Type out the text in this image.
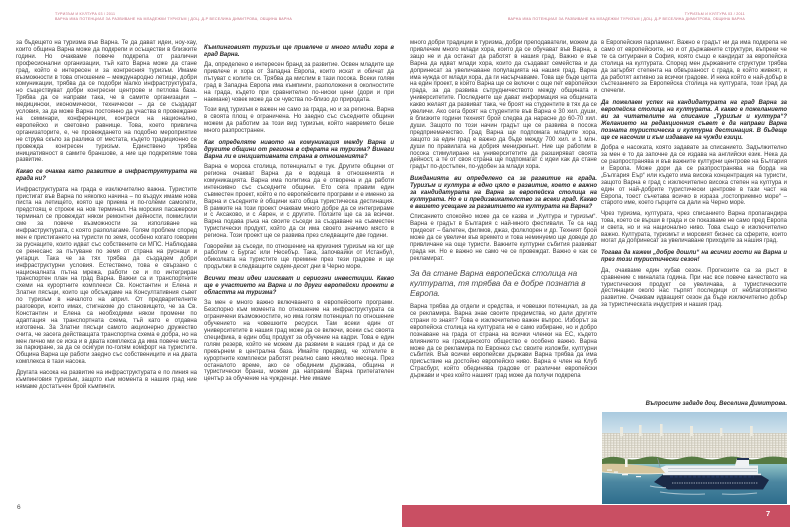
ТУРИЗЪМ И КУЛТУРА 03 / 2011
ВАРНА ИМА ПОТЕНЦИАЛ ЗА РАЗВИВАНЕ НА МЛАДЕЖКИ ТУРИЗЪМ | ДОЦ. Д-Р ВЕСЕЛИНА ДИМИТРОВА, ОБЩИНА ВАРНА
ТУРИЗЪМ И КУЛТУРА 03 / 2011
ВАРНА ИМА ПОТЕНЦИАЛ ЗА РАЗВИВАНЕ НА МЛАДЕЖКИ ТУРИЗЪМ | ДОЦ. Д-Р ВЕСЕЛИНА ДИМИТРОВА, ОБЩИНА ВАРНА
за бъдещето на туризма във Варна. Те да дават идеи, ноу-хау, които община Варна може да подкрепи и осъществи в близките години. Но очакваме повече подкрепа от различни професионални организации, тъй като Варна може да стане град, който е интересен и за конгресния туризъм. Имаме възможности в това отношение – международно летище, добри комуникации, трябва да се подобри малко инфраструктурата, но съществуват добри конгресни центрове и петлова база. Трябва да се направи така, че в самите организации – медицински, икономически, технически – да се създадат условия, за да може Варна постоянно да участва в провеждане на семинари, конференции, конгреси на национално, европейско и световно равнище. Това, което привлича организаторите, е, че провеждането на подобно мероприятие не струва скъпо за разлика от местата, където традиционно се провежда конгресен туризъм. Единствено трябва инициативност в самите браншове, а ние ще подкрепяме това развитие.
Какво се очаква като развитие в инфраструктурата на града ни?
Инфраструктурата на града е изключително важна. Туристите пристигат във Варна по няколко начина – по въздух имаме нова писта на летището, която ще приема и по-големи самолети, предстоящ е строеж на нов терминал. На морския пасажерски терминал се провеждат някои ремонтни дейности, помислили сме за повече възможности за използване на инфраструктурата, с която разполагаме. Голям проблем според мен е пристигането на туристи по земя, особено когато говорим за руснаците, които идват със собствените си МПС. Наблюдава се ренесанс за пътуване по земя от страна на руснаци и унгарци. Така че за тях трябва да създадем добри инфраструктурни условия. Естествено, това е свързано с националната пътна мрежа, работи се и по интегриран транспортен план на град Варна. Важни са и транспортните схеми на курортните комплекси Св. Константин и Елена и Златни пясъци, които ще обсъждаме на Консултативния съвет по туризъм в началото на април. От предварителните разговори, които имах, стигнахме до становището, че за Св. Константин и Елена са необходими някои промени по адаптация на транспортната схема, тъй като е отдавна изготвена. За Златни пясъци самото акционерно дружество счита, че засега действащата транспортна схема е добра, но на мен лично ми се иска и в двата комплекса да има повече места за паркиране, за да се осигури по-голям комфорт на туристите. Община Варна ще работи заедно със собствениците и на двата комплекса в тази насока.
Другата насока на развитие на инфраструктурата е по линия на къмпинговия туризъм, защото към момента в нашия град ние нямаме достатъчен брой къмпинги.
Къмпинговият туризъм ще привлече и много млади хора в град Варна.
Да, определено е интересен бранд за развитие. Освен младите ще привлече и хора от Западна Европа, които искат и обичат да пътуват с колите си. Трябва да мислим в тази посока. Всеки голям град в Западна Европа има къмпинги, разположени в околностите на града, където при сравнително по-ниски цени (дори и при наемане) човек може да се чувства по-близо до природата.
Този вид туризъм е важен не само за града, но и за региона. Варна в своята площ е ограничена. Но заедно със съседните общини можем да работим за този вид туризъм, който навремето беше много разпространен.
Как определяте нивото на комуникация между Варна и другите общини от региона в сферата на туризма? Винаги Варна ли е инициативната страна в отношенията?
Варна е морска столица, потенциалът е тук. Другите общини от региона очакват Варна да е водеща в отношенията и комуникацията. Варна има политика да е отворена и да работи интензивно със съседните общини. Ето сега правим един съвместен проект, който е по европейските програми и е именно за Варна и съседните ѝ общини като обща туристическа дестинация. В рамките на този проект очаквам много добре да се интегрираме и с Аксаково, и с Аврен, и с другите. Ползите ще са за всички. Варна подава ръка на своите съседи за създаване на съвместен туристически продукт, който да си има своето значимо място в региона. Този проект ще се развива през следващите две години.
Говорейки за съседи, по отношение на круизния туризъм на юг ще работим с Бургас или Несебър. Така, започвайки от Истанбул, обиколката на туристите ще премине през тези градове и ще продължи в следващите седем-десет дни в Черно море.
Всички тези идеи изискват и сериозни инвестиции. Какво ще е участието на Варна и по други европейски проекти в областта на туризма?
За мен е много важно включването в европейските програми. Безспорно към момента по отношение на инфраструктурата са ограничени възможностите, но има голям потенциал по отношение обучението на човешките ресурси. Там всеки един от университетите в нашия град може да се включи, всеки със своята специфика, в един общ продукт за обучение на кадри. Това е един голям резерв, който не можем да развием в нашия град и да се превърнем в централна база. Имайте предвид, че хотелите в курортните комплекси работят реално само няколко месеца. През останалото време, ако се обединим държава, община и туристически бранш, можем да направим Варна притегателен център за обучение на чужденци. Ние имаме
много добри традиции в туризма, добри преподаватели, можем да привлечем много млади хора, които да се обучават във Варна, а защо не и да останат да работят в нашия град. Важно е във Варна да идват млади хора, които да създават семейства и да допринесат за увеличаване популацията на нашия град. Варна има нужда от млади хора, да ги насърчаваме. Това ще бъде целта на един проект, в който Варна ще се включи с още пет европейски града, за да развива сътрудничеството между общината и университетите. Последните ще дават информация на общината какво желаят да развиват така, че броят на студентите в тях да се увеличи. Ако сега броят на студентите във Варна е 30 хил. души, в близките години техният брой следва да нарасне до 60-70 хил. души. Защото по този начин градът ще се развива в посока предприемачество. Град Варна ще подпомага младите хора, защото за един град е важно да бъде между 700 хил. и 1 млн. души по правилата на добрия мениджмънт. Ние ще работим в посока стимулиране на университетите да разширяват своята дейност, а те от своя страна ще подпомагат с идеи как да стане градът по-достъпен, по-удобен за млади хора.
Вижданията ви определено са за развитие на града. Туризъм и култура в едно цяло е развитие, което е важно за кандидатурата на Варна за европейска столица на културата. Но е и предизвикателство за всеки град. Какво е вашето усещане за развитието на културата на Варна?
Списанието спокойно може да се казва и „Култура и туризъм“. Варна е градът в България с най-много фестивали. Те са над тридесет – балетен, филмов, джаз, фолклорен и др. Техният брой може да се увеличи във времето и това неминуемо ще доведе до привличане на още туристи. Важните културни събития развиват града ни. Но е важно не само че се провеждат. Важно е как се рекламират.
За да стане Варна европейска столица на културата, тя трябва да е добре позната в Европа.
Варна трябва да отдели и средства, и човешки потенциал, за да се рекламира. Варна знае своите предимства, но дали другите страни го знаят? Това е изключително важен въпрос. Изборът за европейска столица на културата не е само избиране, но и добро познаване на града от страна на всички членки на ЕС, където влиянието на гражданското общество е особено важно. Варна може да се рекламира по Евронюз със своите изложби, културни събития. Във всички европейски държави Варна трябва да има присъствие на достойно европейско ниво. Варна е член на Клуб Страсбург, който обединява градове от различни европейски държави и чрез който нашият град може да получи подкрепа
в Европейския парламент. Важно е градът ни да има подкрепа не само от европейските, но и от държавните структури, въпреки че те са ситуирани в София, която също е кандидат за европейска столица на културата. Според мен държавните структури трябва да загърбят степента на обвързаност с града, в който живеят, и да работят активно за всички градове. И нека който е най-добър в състезанието за Европейска столица на културата, този град да спечели.
Да пожелаем успех на кандидатурата на град Варна за европейска столица на културата. А какво е пожеланието ви за читателите на списание „Туризъм и култура“? Желанието на редакционния съвет е да направи Варна позната туристическа и културна дестинация. В бъдеще ще се насочим и към издаване на чужди езици.
Добра е насоката, която задавате за списанието. Задължително за мен е то да започне да се издава на английски език. Нека да се разпространява и във важните културни центрове на България и Европа. Може дори да се разпространява на борда на „България Еър“ или където има висока концентрация на туристи, защото Варна е град с изключително висока степен на култура и един от най-добрите туристически центрове в тази част на Европа, тоест съчетава всичко в израза „гостоприемно море“ – старото име, което гърците са дали на Черно море.
Чрез туризма, културата, чрез списанието Варна пропагандира това, което се върши в града и се показваме не само пред Европа и света, но и на национално ниво. Това също е изключително важно. Културата, туризмът и морският бизнес са сферите, които могат да допринесат за увеличаване приходите за нашия град.
Тогава да кажем „добре дошли“ на всички гости на Варна и през този туристически сезон!
Да, очакваме един хубав сезон. Прогнозите са за ръст в сравнение с миналата година. При нас все повече качеството на туристическия продукт се увеличава, а туристическите дестинации около нас търпят последици от неблагоприятно развитие. Очаквам идващият сезон да бъде изключително добър за туристическата индустрия и нашия град.
Въпросите зададе доц. Веселина Димитрова.
6
7
